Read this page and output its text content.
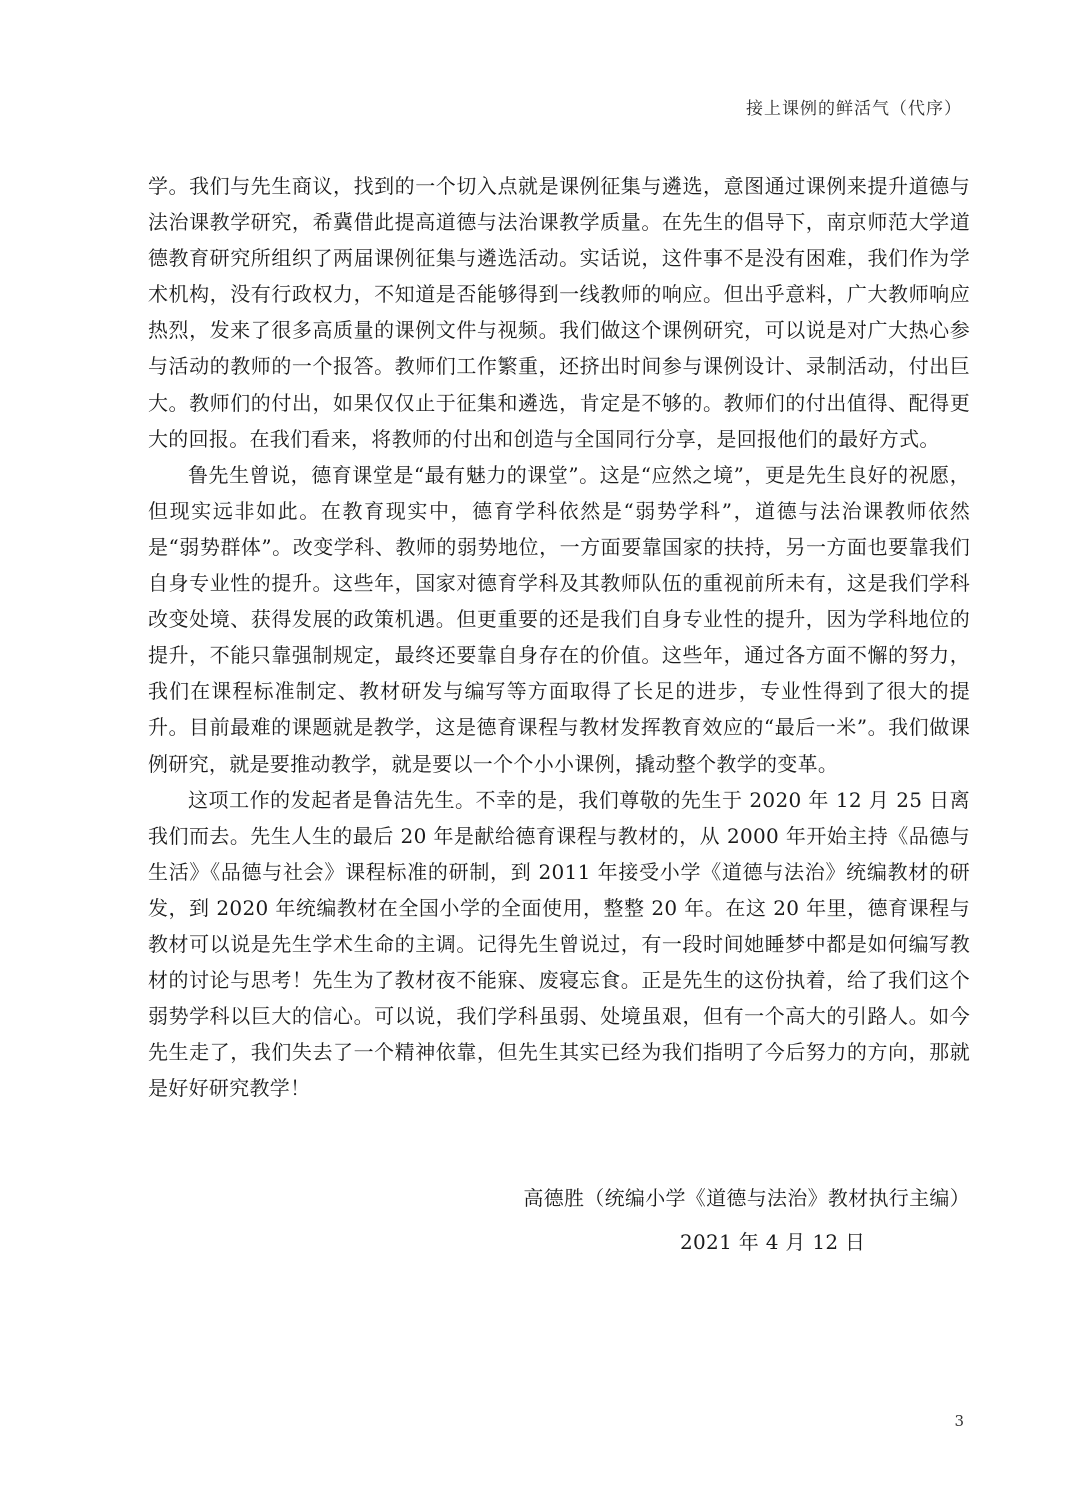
接上课例的鲜活气（代序）

学。我们与先生商议，找到的一个切入点就是课例征集与遴选，意图通过课例来提升道德与法治课教学研究，希冀借此提高道德与法治课教学质量。在先生的倡导下，南京师范大学道德教育研究所组织了两届课例征集与遴选活动。实话说，这件事不是没有困难，我们作为学术机构，没有行政权力，不知道是否能够得到一线教师的响应。但出乎意料，广大教师响应热烈，发来了很多高质量的课例文件与视频。我们做这个课例研究，可以说是对广大热心参与活动的教师的一个报答。教师们工作繁重，还挤出时间参与课例设计、录制活动，付出巨大。教师们的付出，如果仅仅止于征集和遴选，肯定是不够的。教师们的付出值得、配得更大的回报。在我们看来，将教师的付出和创造与全国同行分享，是回报他们的最好方式。

鲁先生曾说，德育课堂是“最有魅力的课堂”。这是“应然之境”，更是先生良好的祝愿，但现实远非如此。在教育现实中，德育学科依然是“弱势学科”，道德与法治课教师依然是“弱势群体”。改变学科、教师的弱势地位，一方面要靠国家的扶持，另一方面也要靠我们自身专业性的提升。这些年，国家对德育学科及其教师队伍的重视前所未有，这是我们学科改变处境、获得发展的政策机遇。但更重要的还是我们自身专业性的提升，因为学科地位的提升，不能只靠强制规定，最终还要靠自身存在的价值。这些年，通过各方面不懈的努力，我们在课程标准制定、教材研发与编写等方面取得了长足的进步，专业性得到了很大的提升。目前最难的课题就是教学，这是德育课程与教材发挥教育效应的“最后一米”。我们做课例研究，就是要推动教学，就是要以一个个小小课例，撬动整个教学的变革。

这项工作的发起者是鲁洁先生。不幸的是，我们尊敬的先生于 2020 年 12 月 25 日离我们而去。先生人生的最后 20 年是献给德育课程与教材的，从 2000 年开始主持《品德与生活》《品德与社会》课程标准的研制，到 2011 年接受小学《道德与法治》统编教材的研发，到 2020 年统编教材在全国小学的全面使用，整整 20 年。在这 20 年里，德育课程与教材可以说是先生学术生命的主调。记得先生曾说过，有一段时间她睡梦中都是如何编写教材的讨论与思考！先生为了教材夜不能寐、废寝忘食。正是先生的这份执着，给了我们这个弱势学科以巨大的信心。可以说，我们学科虽弱、处境虽艰，但有一个高大的引路人。如今先生走了，我们失去了一个精神依靠，但先生其实已经为我们指明了今后努力的方向，那就是好好研究教学！

高德胜（统编小学《道德与法治》教材执行主编）
2021 年 4 月 12 日
3
